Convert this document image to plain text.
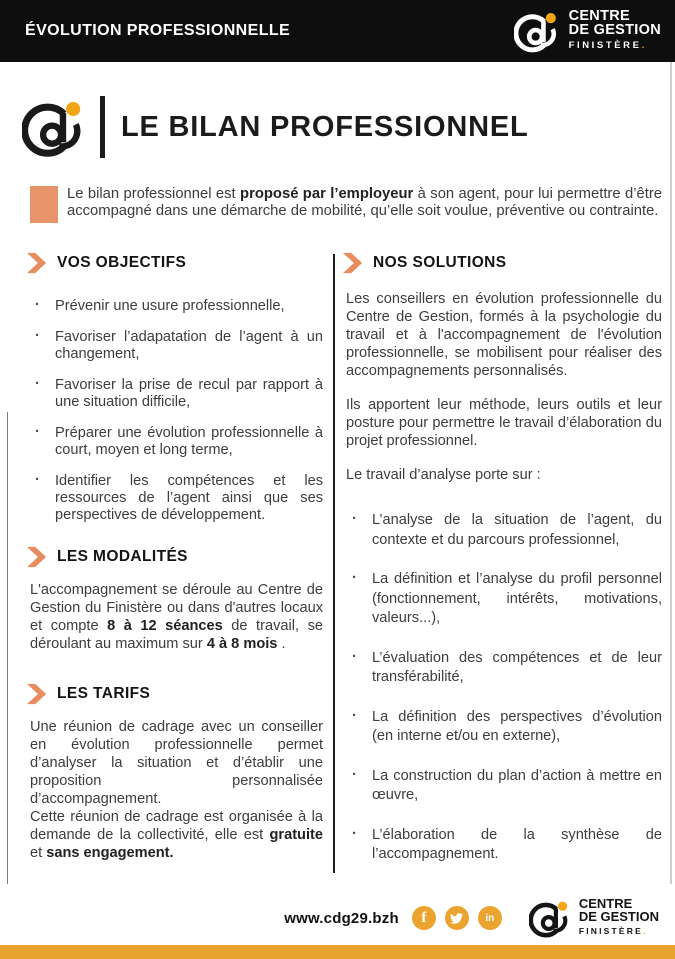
ÉVOLUTION PROFESSIONNELLE
CENTRE
DE GESTION
FINISTÈRE.
LE BILAN PROFESSIONNEL

Le bilan professionnel est proposé par l’employeur à son agent, pour lui permettre d’être accompagné dans une démarche de mobilité, qu’elle soit voulue, préventive ou contrainte.

VOS OBJECTIFS
· Prévenir une usure professionnelle,
· Favoriser l’adapatation de l’agent à un changement,
· Favoriser la prise de recul par rapport à une situation difficile,
· Préparer une évolution professionnelle à court, moyen et long terme,
· Identifier les compétences et les ressources de l’agent ainsi que ses perspectives de développement.
LES MODALITÉS

L'accompagnement se déroule au Centre de Gestion du Finistère ou dans d'autres locaux et compte 8 à 12 séances de travail, se déroulant au maximum sur 4 à 8 mois .

LES TARIFS

Une réunion de cadrage avec un conseiller en évolution professionnelle permet d’analyser la situation et d’établir une proposition personnalisée d’accompagnement.

Cette réunion de cadrage est organisée à la demande de la collectivité, elle est gratuite et sans engagement.

NOS SOLUTIONS

Les conseillers en évolution professionnelle du Centre de Gestion, formés à la psychologie du travail et à l'accompagnement de l'évolution professionnelle, se mobilisent pour réaliser des accompagnements personnalisés.

Ils apportent leur méthode, leurs outils et leur posture pour permettre le travail d’élaboration du projet professionnel.

Le travail d’analyse porte sur :

· L’analyse de la situation de l’agent, du contexte et du parcours professionnel,
· La définition et l’analyse du profil personnel (fonctionnement, intérêts, motivations, valeurs...),
· L’évaluation des compétences et de leur transférabilité,
· La définition des perspectives d’évolution (en interne et/ou en externe),
· La construction du plan d’action à mettre en œuvre,
· L’élaboration de la synthèse de l’accompagnement.
www.cdg29.bzh f	in
CENTRE
DE GESTION
FINISTÈRE.
